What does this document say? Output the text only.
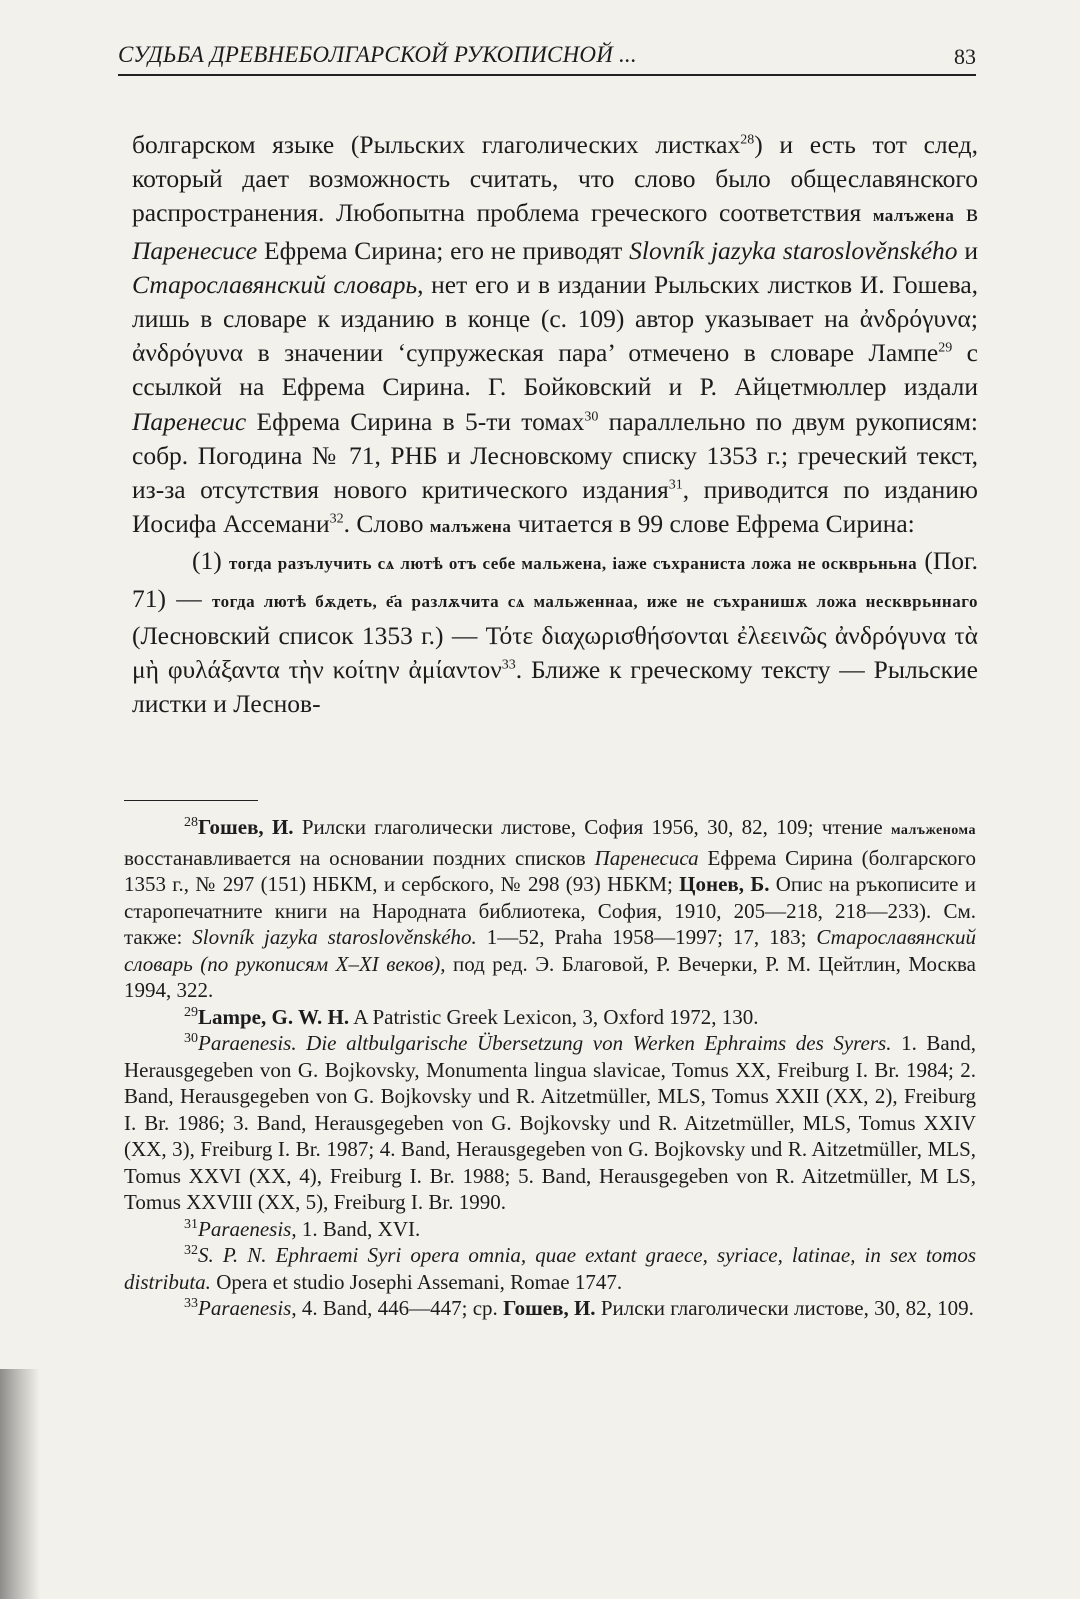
СУДЬБА ДРЕВНЕБОЛГАРСКОЙ РУКОПИСНОЙ ...	83

болгарском языке (Рыльских глаголических листках$^{28}$) и есть тот след, который дает возможность считать, что слово было общеславянского распространения. Любопытна проблема греческого соответствия малъжена в Паренесисе Ефрема Сирина; его не приводят Slovník jazyka staroslověnského и Старославянский словарь, нет его и в издании Рыльских листков И. Гошева, лишь в словаре к изданию в конце (с. 109) автор указывает на ἀνδρόγυνα; ἀνδρόγυνα в значении ‘супружеская пара’ отмечено в словаре Лампе$^{29}$ с ссылкой на Ефрема Сирина. Г. Бойковский и Р. Айцетмюллер издали Паренесис Ефрема Сирина в 5-ти томах$^{30}$ параллельно по двум рукописям: собр. Погодина № 71, РНБ и Лесновскому списку 1353 г.; греческий текст, из-за отсутствия нового критического издания$^{31}$, приводится по изданию Иосифа Ассемани$^{32}$. Слово малъжена читается в 99 слове Ефрема Сирина:

(1) тогда разълучить сѧ лютѣ отъ себе мальжена, іаже съхранистa ложа не оскврьньна (Пог. 71) — тогда лютѣ бѫдеть, е҃а разлѫчита сѧ мальженнаа, иже не съхранишѫ ложа нескврьннаго (Лесновский список 1353 г.) — Τότε διαχωρισθήσονται ἐλεεινῶς ἀνδρόγυνα τὰ μὴ φυλάξαντα τὴν κοίτην ἀμίαντον$^{33}$. Ближе к греческому тексту — Рыльские листки и Леснов-

$^{28}$Гошев, И. Рилски глаголически листове, София 1956, 30, 82, 109; чтение малъженома восстанавливается на основании поздних списков Паренесиса Ефрема Сирина (болгарского 1353 г., № 297 (151) НБКМ, и сербского, № 298 (93) НБКМ; Цонев, Б. Опис на ръкописите и старопечатните книги на Народната библиотека, София, 1910, 205—218, 218—233). См. также: Slovník jazyka staroslověnského. 1—52, Praha 1958—1997; 17, 183; Старославянский словарь (по рукописям X–XI веков), под ред. Э. Благовой, Р. Вечерки, Р. М. Цейтлин, Москва 1994, 322.

$^{29}$Lampe, G. W. H. A Patristic Greek Lexicon, 3, Oxford 1972, 130.

$^{30}$Paraenesis. Die altbulgarische Übersetzung von Werken Ephraims des Syrers. 1. Band, Herausgegeben von G. Bojkovsky, Monumenta lingua slavicae, Tomus XX, Freiburg I. Br. 1984; 2. Band, Herausgegeben von G. Bojkovsky und R. Aitzetmüller, MLS, Tomus XXII (XX, 2), Freiburg I. Br. 1986; 3. Band, Herausgegeben von G. Bojkovsky und R. Aitzetmüller, MLS, Tomus XXIV (XX, 3), Freiburg I. Br. 1987; 4. Band, Herausgegeben von G. Bojkovsky und R. Aitzetmüller, MLS, Tomus XXVI (XX, 4), Freiburg I. Br. 1988; 5. Band, Herausgegeben von R. Aitzetmüller, M LS, Tomus XXVIII (XX, 5), Freiburg I. Br. 1990.

$^{31}$Paraenesis, 1. Band, XVI.

$^{32}$S. P. N. Ephraemi Syri opera omnia, quae extant graece, syriace, latinae, in sex tomos distributa. Opera et studio Josephi Assemani, Romae 1747.

$^{33}$Paraenesis, 4. Band, 446—447; ср. Гошев, И. Рилски глаголически листове, 30, 82, 109.
